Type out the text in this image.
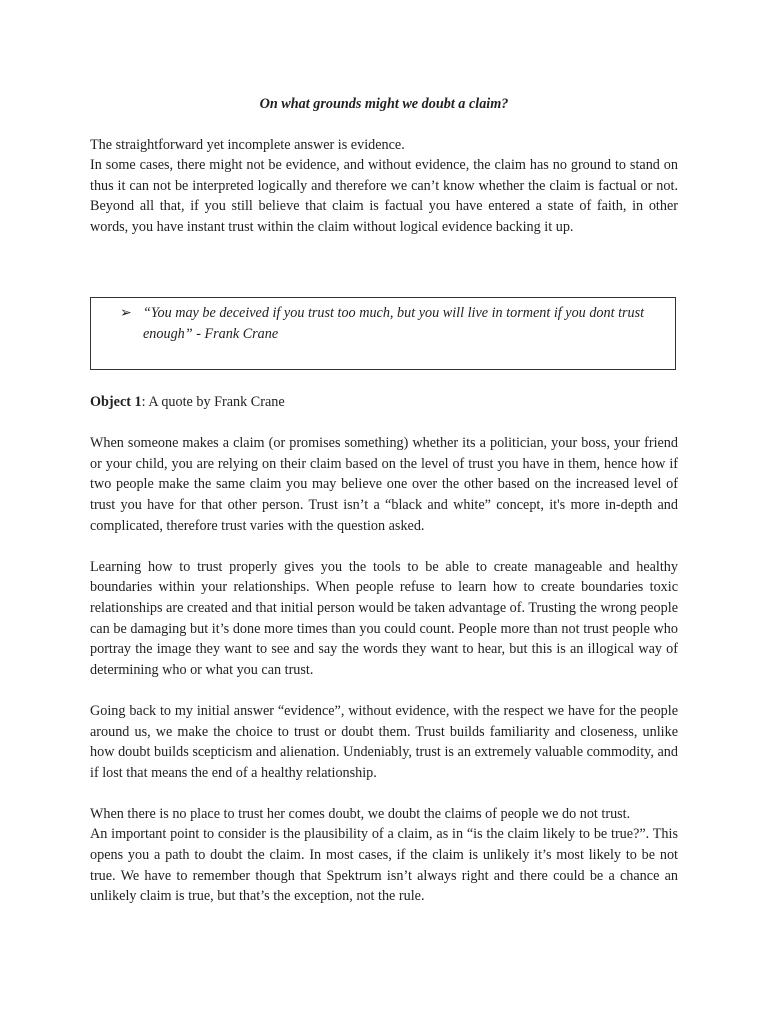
On what grounds might we doubt a claim?

The straightforward yet incomplete answer is evidence.

In some cases, there might not be evidence, and without evidence, the claim has no ground to stand on thus it can not be interpreted logically and therefore we can’t know whether the claim is factual or not. Beyond all that, if you still believe that claim is factual you have entered a state of faith, in other words, you have instant trust within the claim without logical evidence backing it up.

➢ “You may be deceived if you trust too much, but you will live in torment if you dont trust enough” - Frank Crane

Object 1: A quote by Frank Crane

When someone makes a claim (or promises something) whether its a politician, your boss, your friend or your child, you are relying on their claim based on the level of trust you have in them, hence how if two people make the same claim you may believe one over the other based on the increased level of trust you have for that other person. Trust isn’t a “black and white” concept, it's more in-depth and complicated, therefore trust varies with the question asked.

Learning how to trust properly gives you the tools to be able to create manageable and healthy boundaries within your relationships. When people refuse to learn how to create boundaries toxic relationships are created and that initial person would be taken advantage of. Trusting the wrong people can be damaging but it’s done more times than you could count. People more than not trust people who portray the image they want to see and say the words they want to hear, but this is an illogical way of determining who or what you can trust.

Going back to my initial answer “evidence”, without evidence, with the respect we have for the people around us, we make the choice to trust or doubt them. Trust builds familiarity and closeness, unlike how doubt builds scepticism and alienation. Undeniably, trust is an extremely valuable commodity, and if lost that means the end of a healthy relationship.

When there is no place to trust her comes doubt, we doubt the claims of people we do not trust.

An important point to consider is the plausibility of a claim, as in “is the claim likely to be true?”. This opens you a path to doubt the claim. In most cases, if the claim is unlikely it’s most likely to be not true. We have to remember though that Spektrum isn’t always right and there could be a chance an unlikely claim is true, but that’s the exception, not the rule.
